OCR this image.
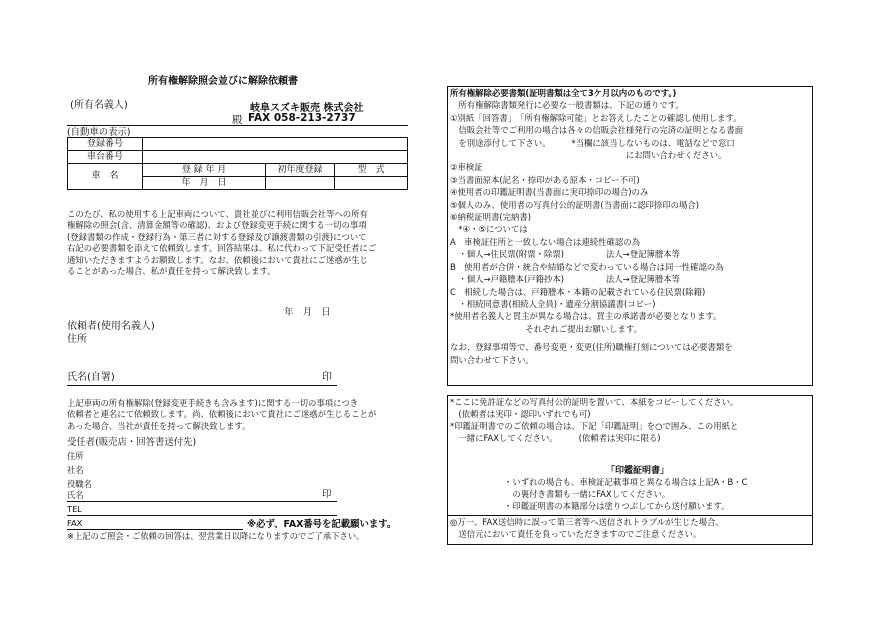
所有権解除照会並びに解除依頼書
(所有名義人)	岐阜スズキ販売 株式会社
殿 FAX 058-213-2737
(自動車の表示)
登録番号			
車台番号			
車　名	登 録 年 月	初年度登録	型　式
	年　月　日		
このたび、私の使用する上記車両について、貴社並びに利用信販会社等への所有
権解除の照会(含、清算金額等の確認)、および登録変更手続に関する一切の事項
(登録書類の作成・登録行為・第三者に対する登録及び譲渡書類の引渡)について
右記の必要書類を添えて依頼致します。回答結果は、私に代わって下記受任者にご
通知いただきますようお願致します。なお、依頼後において貴社にご迷惑が生じ
ることがあった場合、私が責任を持って解決致します。
年　月　日
依頼者(使用名義人)
住所
氏名(自署)	印
上記車両の所有権解除(登録変更手続きも含みます)に関する一切の事項につき
依頼者と連名にて依頼致します。尚、依頼後において貴社にご迷惑が生じることが
あった場合、当社が責任を持って解決致します。
受任者(販売店・回答書送付先)
住所
社名
役職名
氏名	印
TEL
FAX	※必ず、FAX番号を記載願います。
※上記のご照会・ご依頼の回答は、翌営業日以降になりますのでご了承下さい。
所有権解除必要書類(証明書類は全て3ケ月以内のものです。)
　所有権解除書類発行に必要な一般書類は、下記の通りです。
①別紙「回答書」　「所有権解除可能」とお答えしたことの確認し使用します。
　信販会社等でご利用の場合は各々の信販会社様発行の完済の証明となる書面
　を別途添付して下さい。　　　*当欄に該当しないものは、電話などで窓口
　　　　　　　　　　　　　　　　　　　　　にお問い合わせください。
②車検証
③当書面原本(記名・捺印がある原本・コピー不可)
④使用者の印鑑証明書(当書面に実印捺印の場合)のみ
⑤個人のみ、使用者の写真付公的証明書(当書面に認印捺印の場合)
⑥納税証明書(完納書)
　*④・⑤については
A　車検証住所と一致しない場合は連続性確認の為
　・個人→住民票(附票・除票)　　　　　法人→登記簿謄本等
B　使用者が合併・統合や結婚などで変わっている場合は同一性確認の為
　・個人→戸籍謄本(戸籍抄本)　　　　　法人→登記簿謄本等
C　相続した場合は、戸籍謄本・本籍の記載されている住民票(除籍)
　・相続同意書(相続人全員)・遺産分割協議書(コピー)
*使用者名義人と買主が異なる場合は、買主の承諾書が必要となります。
　　　　　　　　　それぞれご提出お願いします。
なお、登録事項等で、番号変更・変更(住所)職権打刻については必要書類を
問い合わせて下さい。
*ここに免許証などの写真付公的証明を置いて、本紙をコピーしてください。
　(依頼者は実印・認印いずれでも可)
*印鑑証明書でのご依頼の場合は、下記「印鑑証明」を○で囲み、この用紙と
　一緒にFAXしてください。　　　(依頼者は実印に限る)
「印鑑証明書」
・いずれの場合も、車検証記載事項と異なる場合は上記A・B・C
　の裏付き書類も一緒にFAXしてください。
・印鑑証明書の本籍部分は塗りつぶしてから送付願います。
◎万一、FAX送信時に誤って第三者等へ送信されトラブルが生じた場合、
　送信元において責任を負っていただきますのでご注意ください。
